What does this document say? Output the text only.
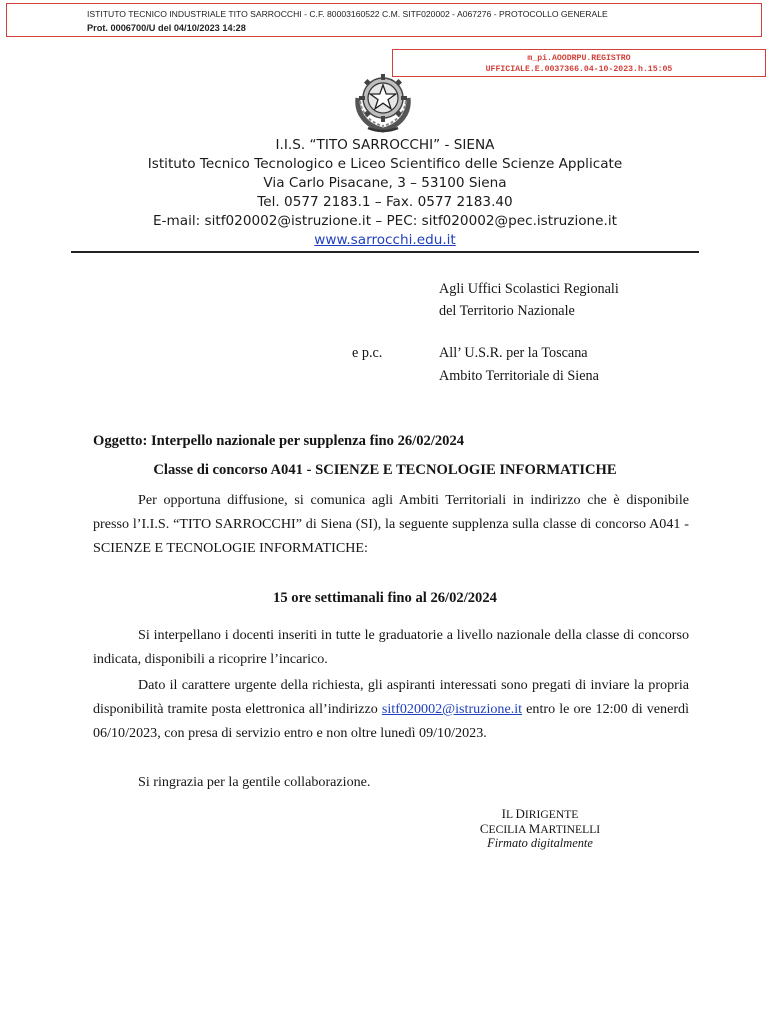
ISTITUTO TECNICO INDUSTRIALE TITO SARROCCHI - C.F. 80003160522 C.M. SITF020002 - A067276 - PROTOCOLLO GENERALE
Prot. 0006700/U del 04/10/2023 14:28
m_pi.AOODRPU.REGISTRO
UFFICIALE.E.0037366.04-10-2023.h.15:05
I.I.S. “TITO SARROCCHI” - SIENA
Istituto Tecnico Tecnologico e Liceo Scientifico delle Scienze Applicate
Via Carlo Pisacane, 3 – 53100 Siena
Tel. 0577 2183.1 – Fax. 0577 2183.40
E-mail: sitf020002@istruzione.it – PEC: sitf020002@pec.istruzione.it
www.sarrocchi.edu.it
Agli Uffici Scolastici Regionali
del Territorio Nazionale
e p.c.	All’ U.S.R. per la Toscana
Ambito Territoriale di Siena
Oggetto: Interpello nazionale per supplenza fino 26/02/2024
Classe di concorso A041 - SCIENZE E TECNOLOGIE INFORMATICHE
Per opportuna diffusione, si comunica agli Ambiti Territoriali in indirizzo che è disponibile presso l’I.I.S. “TITO SARROCCHI” di Siena (SI), la seguente supplenza sulla classe di concorso A041 - SCIENZE E TECNOLOGIE INFORMATICHE:
15 ore settimanali fino al 26/02/2024
Si interpellano i docenti inseriti in tutte le graduatorie a livello nazionale della classe di concorso indicata, disponibili a ricoprire l’incarico.
Dato il carattere urgente della richiesta, gli aspiranti interessati sono pregati di inviare la propria disponibilità tramite posta elettronica all’indirizzo sitf020002@istruzione.it entro le ore 12:00 di venerdì 06/10/2023, con presa di servizio entro e non oltre lunedì 09/10/2023.
Si ringrazia per la gentile collaborazione.
IL DIRIGENTE
CECILIA MARTINELLI
Firmato digitalmente
